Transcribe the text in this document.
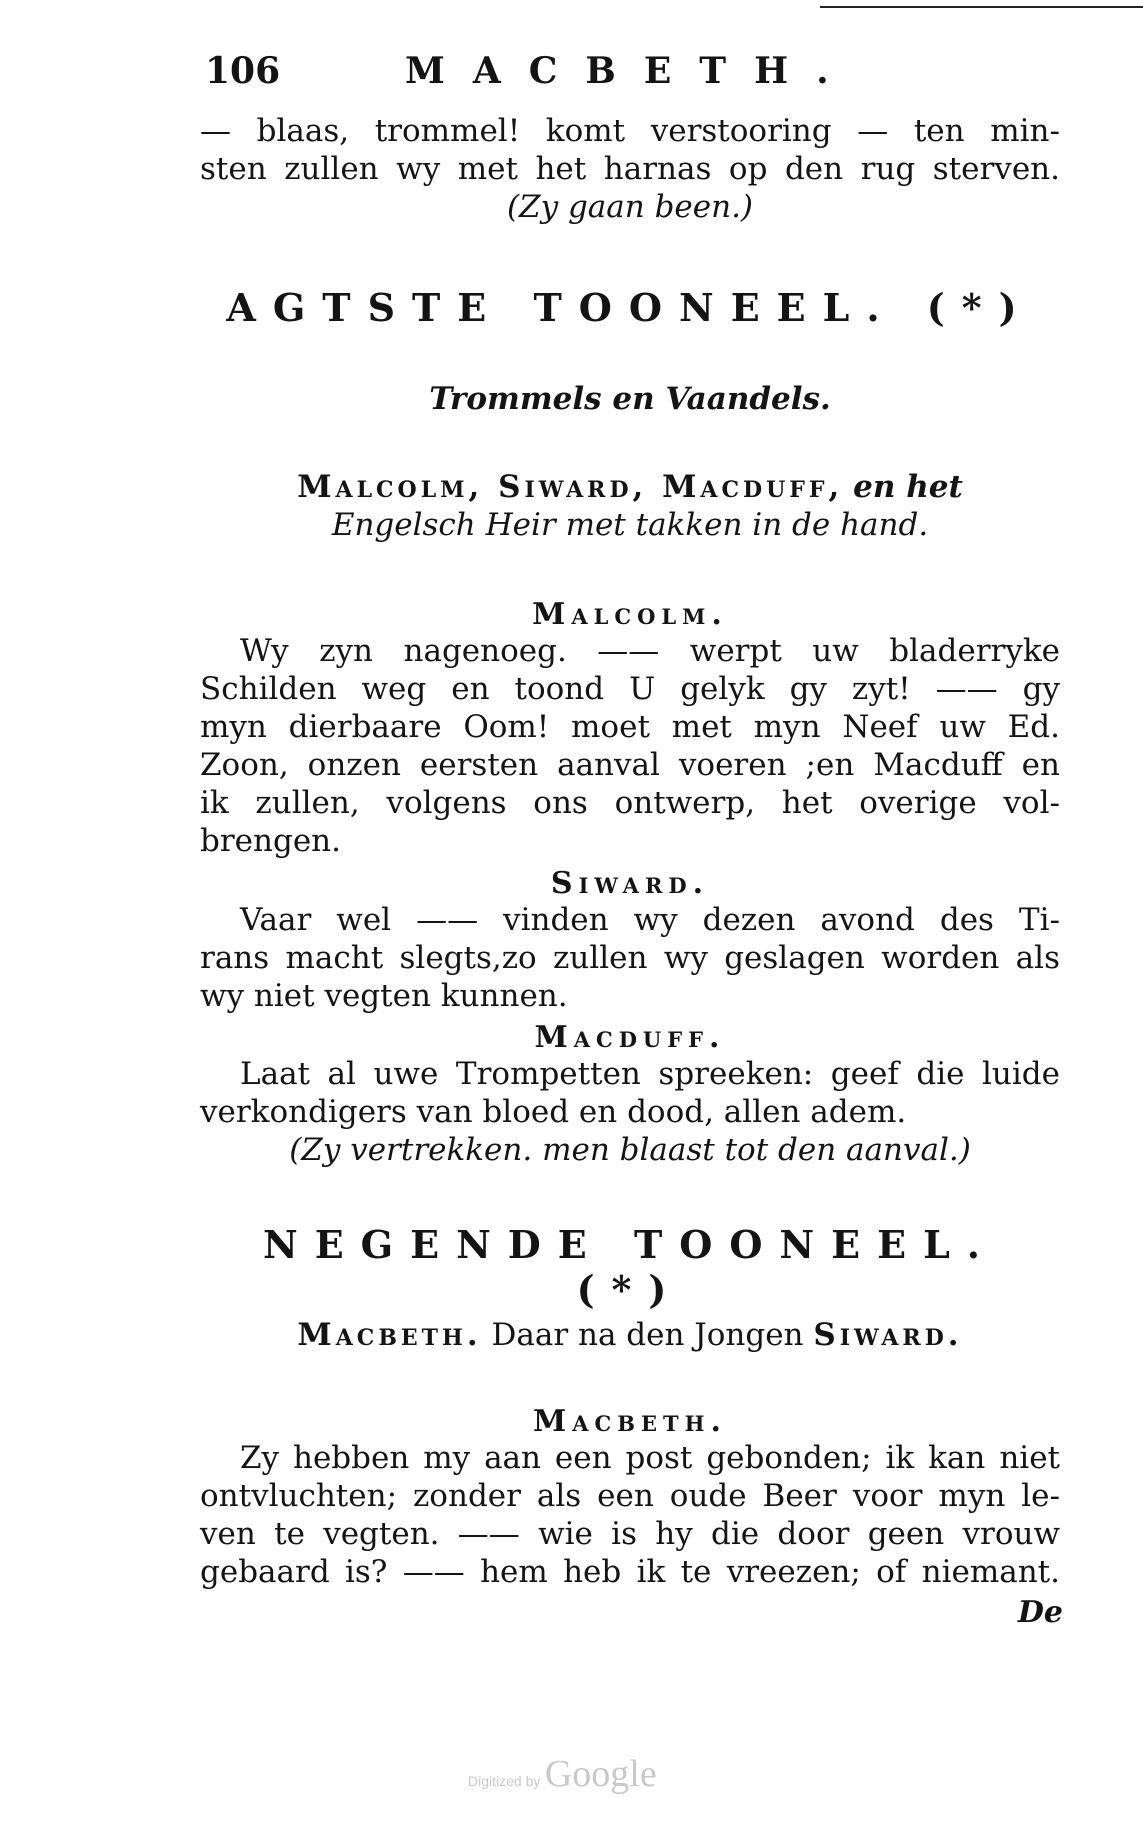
106	MACBETH.
— blaas, trommel! komt verstooring — ten min-
sten zullen wy met het harnas op den rug sterven.
(Zy gaan been.)
AGTSTE TOONEEL. (*)
Trommels en Vaandels.
Malcolm, Siward, Macduff, en het
Engelsch Heir met takken in de hand.
Malcolm.
Wy zyn nagenoeg. —— werpt uw bladerryke
Schilden weg en toond U gelyk gy zyt! —— gy
myn dierbaare Oom! moet met myn Neef uw Ed.
Zoon, onzen eersten aanval voeren ;en Macduff en
ik zullen, volgens ons ontwerp, het overige vol-
brengen.
Siward.
Vaar wel —— vinden wy dezen avond des Ti-
rans macht slegts,zo zullen wy geslagen worden als
wy niet vegten kunnen.
Macduff.
Laat al uwe Trompetten spreeken: geef die luide
verkondigers van bloed en dood, allen adem.
(Zy vertrekken. men blaast tot den aanval.)
NEGENDE TOONEEL. (*)
Macbeth. Daar na den Jongen Siward.
Macbeth.
Zy hebben my aan een post gebonden; ik kan niet
ontvluchten; zonder als een oude Beer voor myn le-
ven te vegten. —— wie is hy die door geen vrouw
gebaard is? —— hem heb ik te vreezen; of niemant.
De
Digitized by Google
